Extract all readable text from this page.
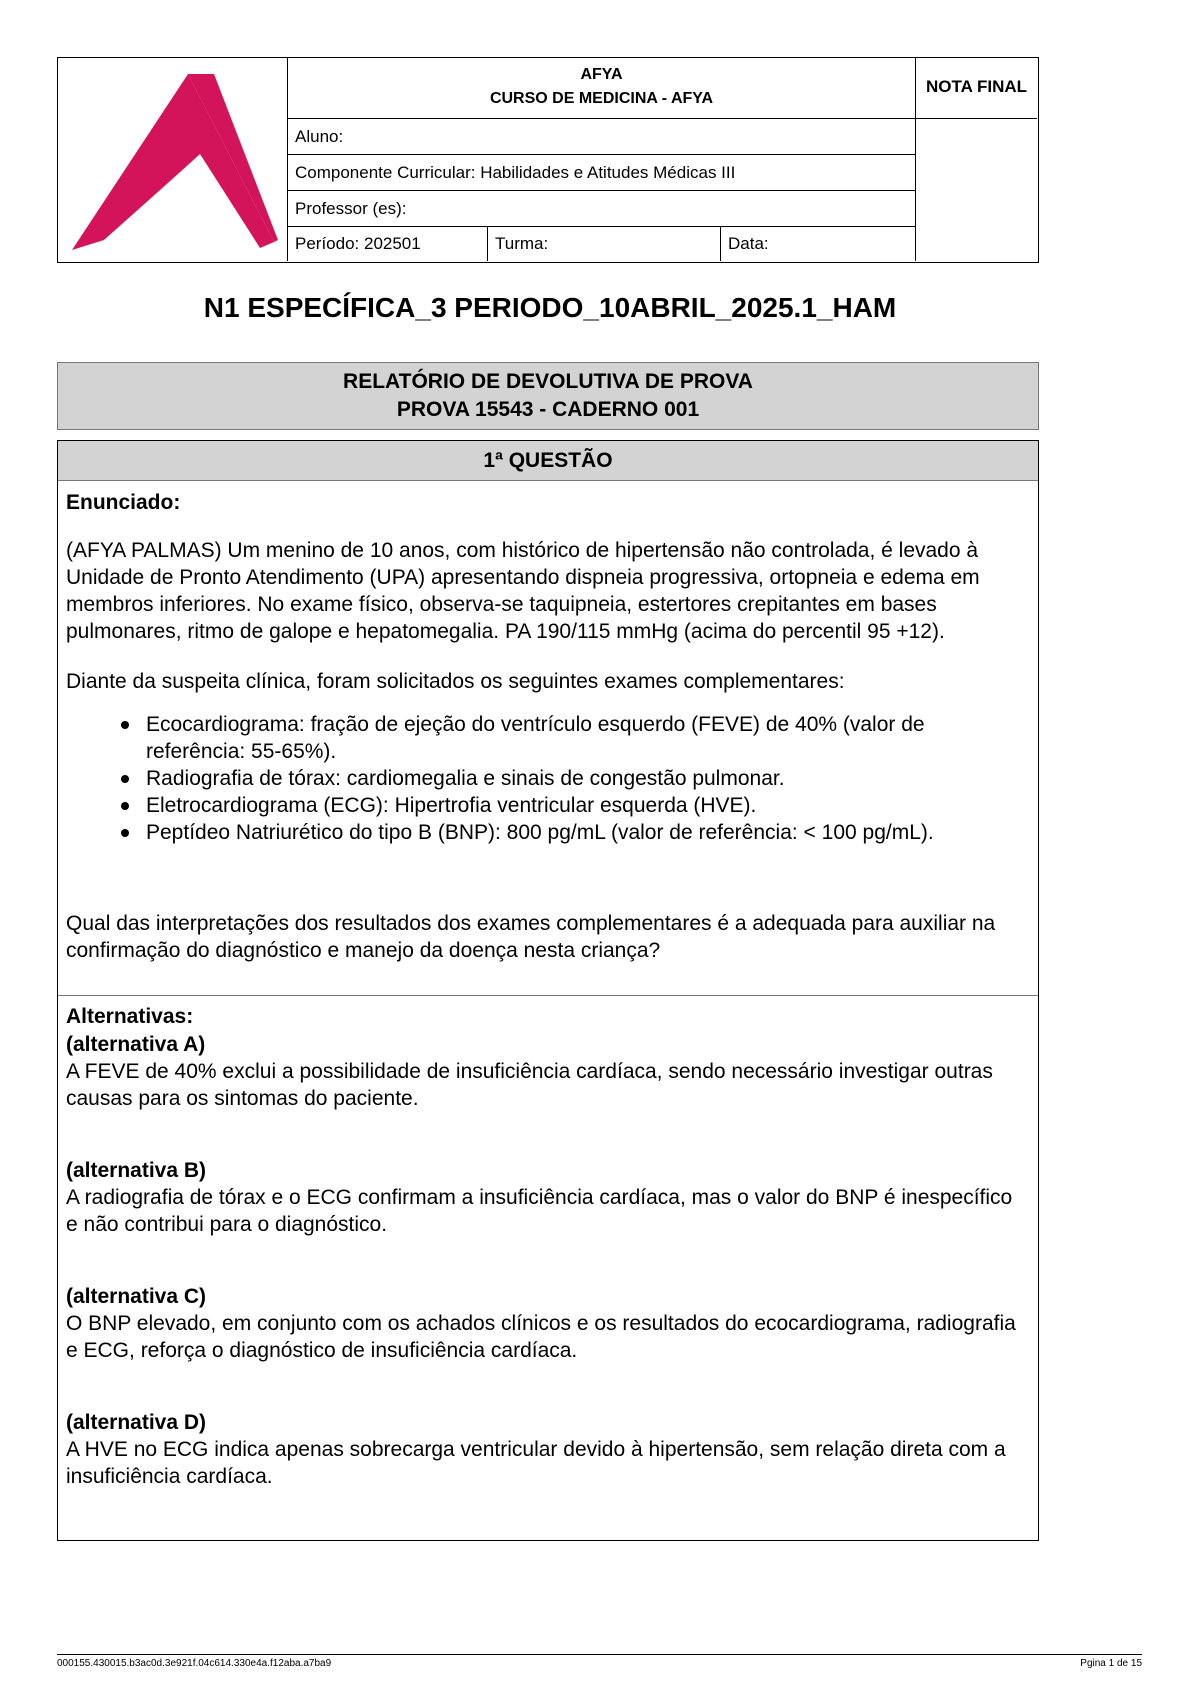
AFYA
CURSO DE MEDICINA - AFYA
Aluno:
Componente Curricular: Habilidades e Atitudes Médicas III
Professor (es):
Período: 202501	Turma:	Data:
NOTA FINAL
N1 ESPECÍFICA_3 PERIODO_10ABRIL_2025.1_HAM
RELATÓRIO DE DEVOLUTIVA DE PROVA
PROVA 15543 - CADERNO 001
1ª QUESTÃO
Enunciado:
(AFYA PALMAS) Um menino de 10 anos, com histórico de hipertensão não controlada, é levado à Unidade de Pronto Atendimento (UPA) apresentando dispneia progressiva, ortopneia e edema em membros inferiores. No exame físico, observa-se taquipneia, estertores crepitantes em bases pulmonares, ritmo de galope e hepatomegalia. PA 190/115 mmHg (acima do percentil 95 +12).
Diante da suspeita clínica, foram solicitados os seguintes exames complementares:
Ecocardiograma: fração de ejeção do ventrículo esquerdo (FEVE) de 40% (valor de referência: 55-65%).
Radiografia de tórax: cardiomegalia e sinais de congestão pulmonar.
Eletrocardiograma (ECG): Hipertrofia ventricular esquerda (HVE).
Peptídeo Natriurético do tipo B (BNP): 800 pg/mL (valor de referência: < 100 pg/mL).
Qual das interpretações dos resultados dos exames complementares é a adequada para auxiliar na confirmação do diagnóstico e manejo da doença nesta criança?
Alternativas:
(alternativa A)
A FEVE de 40% exclui a possibilidade de insuficiência cardíaca, sendo necessário investigar outras causas para os sintomas do paciente.
(alternativa B)
A radiografia de tórax e o ECG confirmam a insuficiência cardíaca, mas o valor do BNP é inespecífico e não contribui para o diagnóstico.
(alternativa C)
O BNP elevado, em conjunto com os achados clínicos e os resultados do ecocardiograma, radiografia e ECG, reforça o diagnóstico de insuficiência cardíaca.
(alternativa D)
A HVE no ECG indica apenas sobrecarga ventricular devido à hipertensão, sem relação direta com a insuficiência cardíaca.
000155.430015.b3ac0d.3e921f.04c614.330e4a.f12aba.a7ba9	Pgina 1 de 15
